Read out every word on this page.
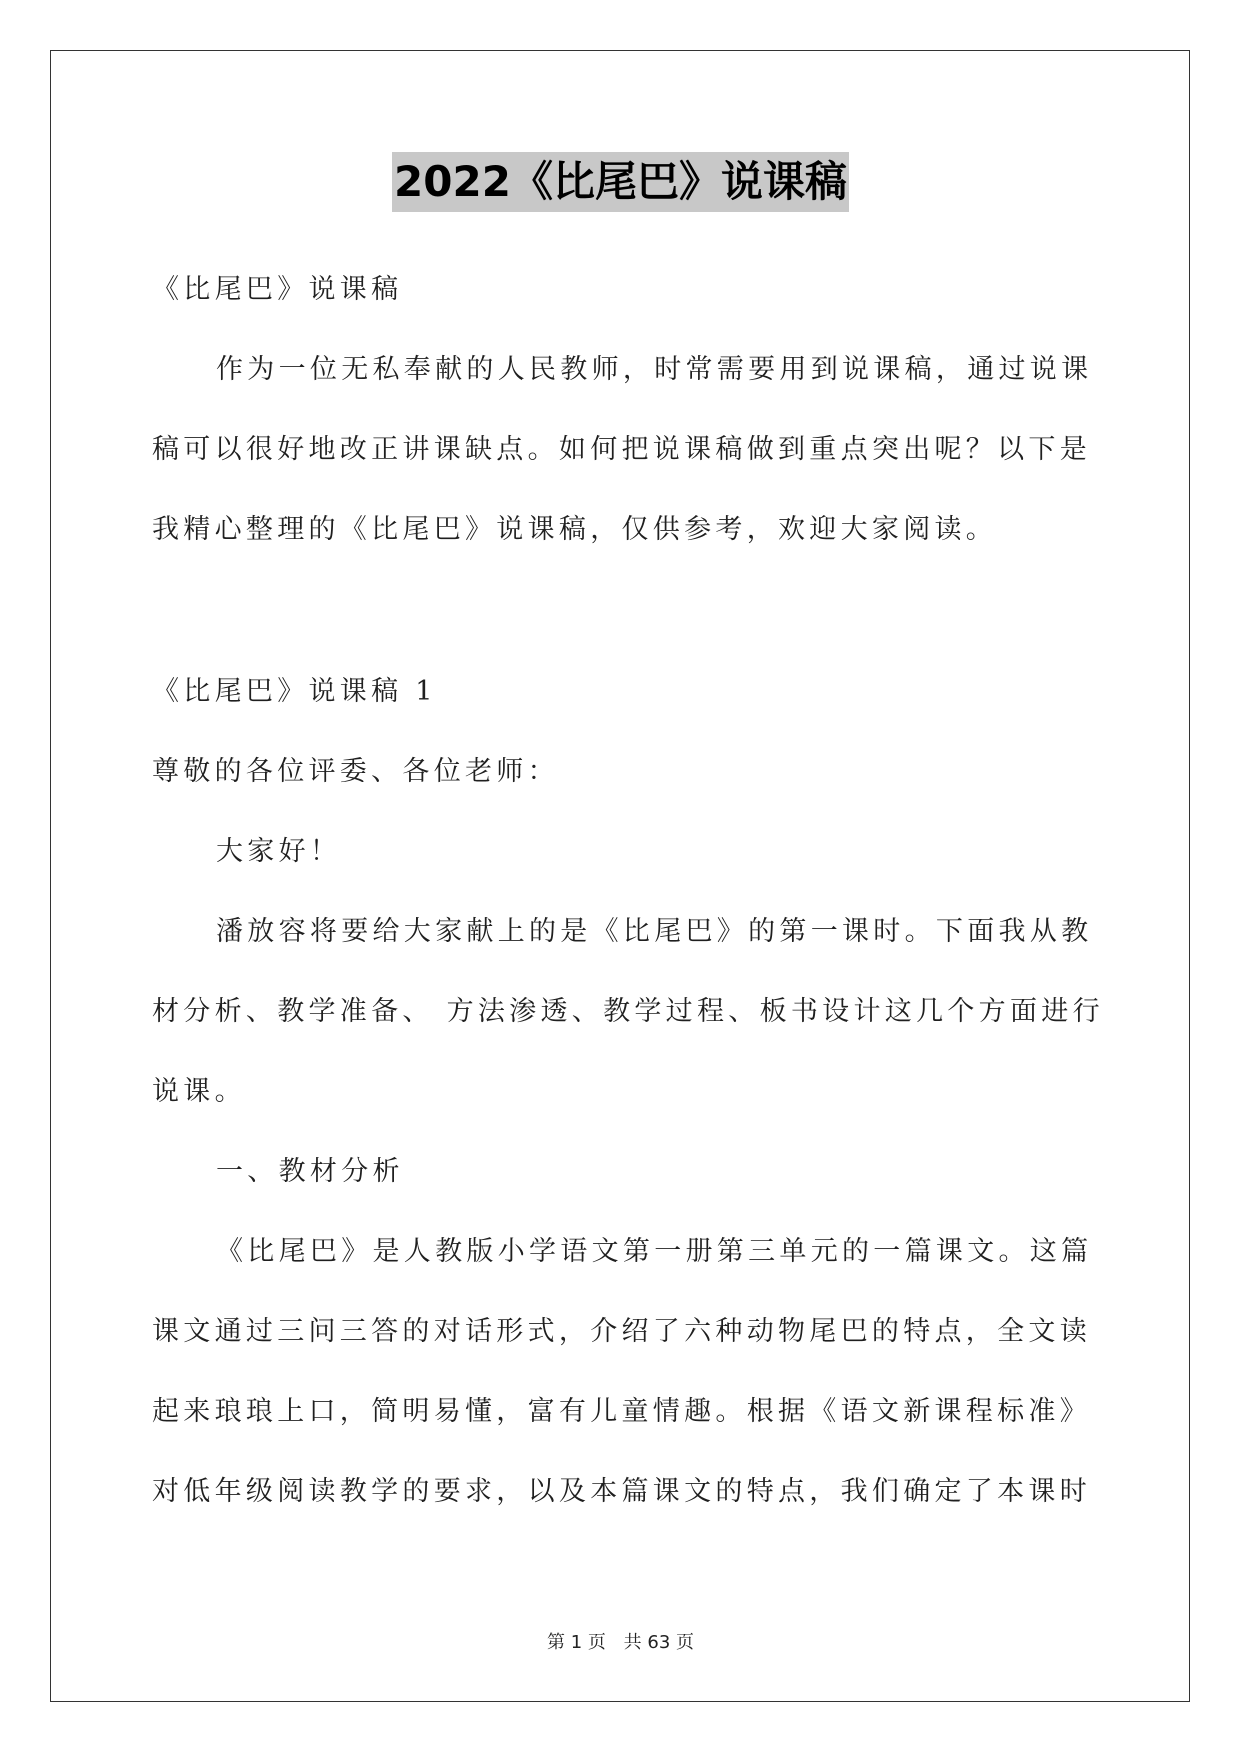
2022《比尾巴》说课稿
《比尾巴》说课稿
作为一位无私奉献的人民教师，时常需要用到说课稿，通过说课
稿可以很好地改正讲课缺点。如何把说课稿做到重点突出呢？以下是
我精心整理的《比尾巴》说课稿，仅供参考，欢迎大家阅读。
《比尾巴》说课稿 1
尊敬的各位评委、各位老师：
大家好！
潘放容将要给大家献上的是《比尾巴》的第一课时。下面我从教
材分析、教学准备、 方法渗透、教学过程、板书设计这几个方面进行
说课。
一、教材分析
《比尾巴》是人教版小学语文第一册第三单元的一篇课文。这篇
课文通过三问三答的对话形式，介绍了六种动物尾巴的特点，全文读
起来琅琅上口，简明易懂，富有儿童情趣。根据《语文新课程标准》
对低年级阅读教学的要求，以及本篇课文的特点，我们确定了本课时
第 1 页 共 63 页
